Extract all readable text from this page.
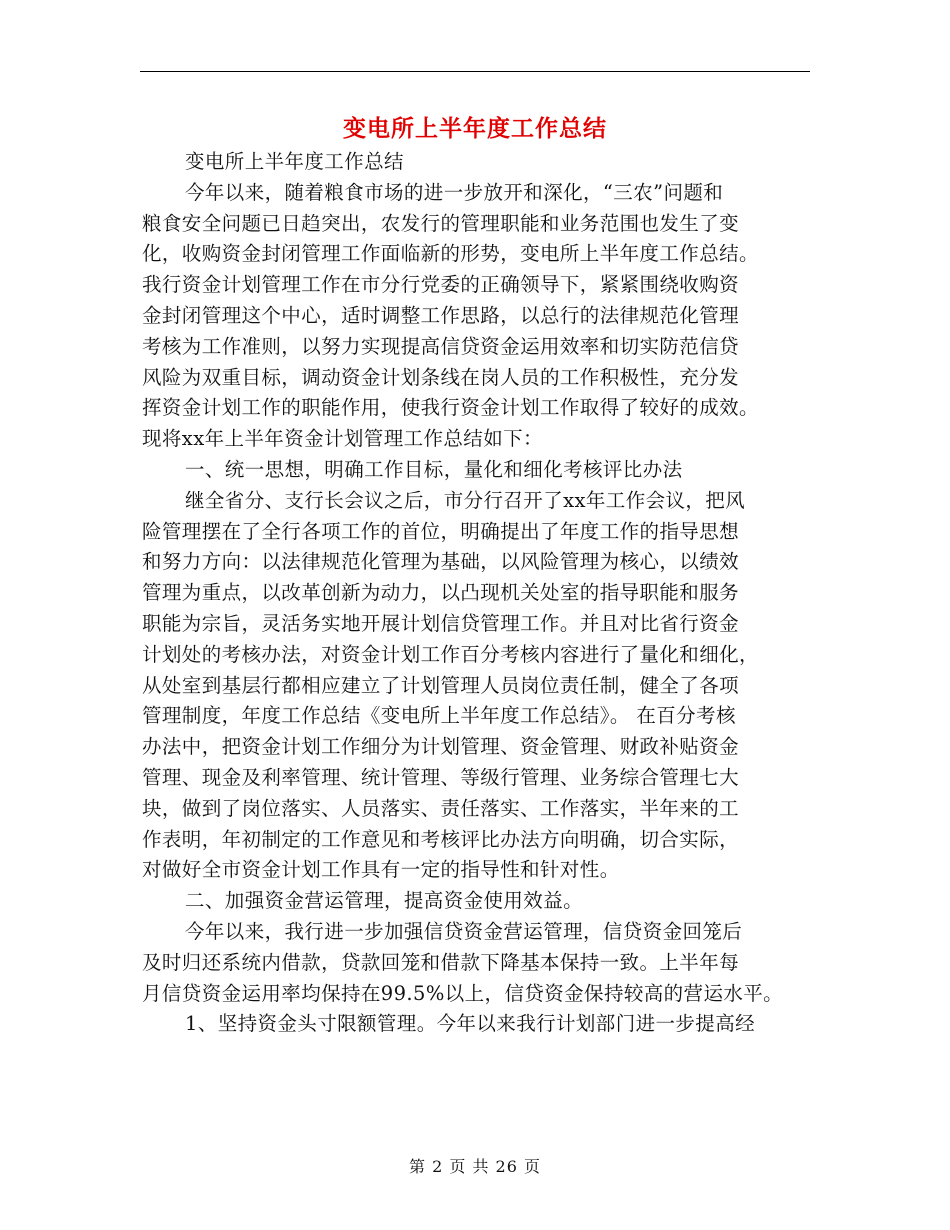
变电所上半年度工作总结
变电所上半年度工作总结
今年以来，随着粮食市场的进一步放开和深化，“三农”问题和
粮食安全问题已日趋突出，农发行的管理职能和业务范围也发生了变
化，收购资金封闭管理工作面临新的形势，变电所上半年度工作总结。
我行资金计划管理工作在市分行党委的正确领导下，紧紧围绕收购资
金封闭管理这个中心，适时调整工作思路，以总行的法律规范化管理
考核为工作准则，以努力实现提高信贷资金运用效率和切实防范信贷
风险为双重目标，调动资金计划条线在岗人员的工作积极性，充分发
挥资金计划工作的职能作用，使我行资金计划工作取得了较好的成效。
现将xx年上半年资金计划管理工作总结如下：
一、统一思想，明确工作目标，量化和细化考核评比办法
继全省分、支行长会议之后，市分行召开了xx年工作会议，把风
险管理摆在了全行各项工作的首位，明确提出了年度工作的指导思想
和努力方向：以法律规范化管理为基础，以风险管理为核心，以绩效
管理为重点，以改革创新为动力，以凸现机关处室的指导职能和服务
职能为宗旨，灵活务实地开展计划信贷管理工作。并且对比省行资金
计划处的考核办法，对资金计划工作百分考核内容进行了量化和细化，
从处室到基层行都相应建立了计划管理人员岗位责任制，健全了各项
管理制度，年度工作总结《变电所上半年度工作总结》。 在百分考核
办法中，把资金计划工作细分为计划管理、资金管理、财政补贴资金
管理、现金及利率管理、统计管理、等级行管理、业务综合管理七大
块，做到了岗位落实、人员落实、责任落实、工作落实，半年来的工
作表明，年初制定的工作意见和考核评比办法方向明确，切合实际，
对做好全市资金计划工作具有一定的指导性和针对性。
二、加强资金营运管理，提高资金使用效益。
今年以来，我行进一步加强信贷资金营运管理，信贷资金回笼后
及时归还系统内借款，贷款回笼和借款下降基本保持一致。上半年每
月信贷资金运用率均保持在99.5%以上，信贷资金保持较高的营运水平。
1、坚持资金头寸限额管理。今年以来我行计划部门进一步提高经
第 2 页 共 26 页
